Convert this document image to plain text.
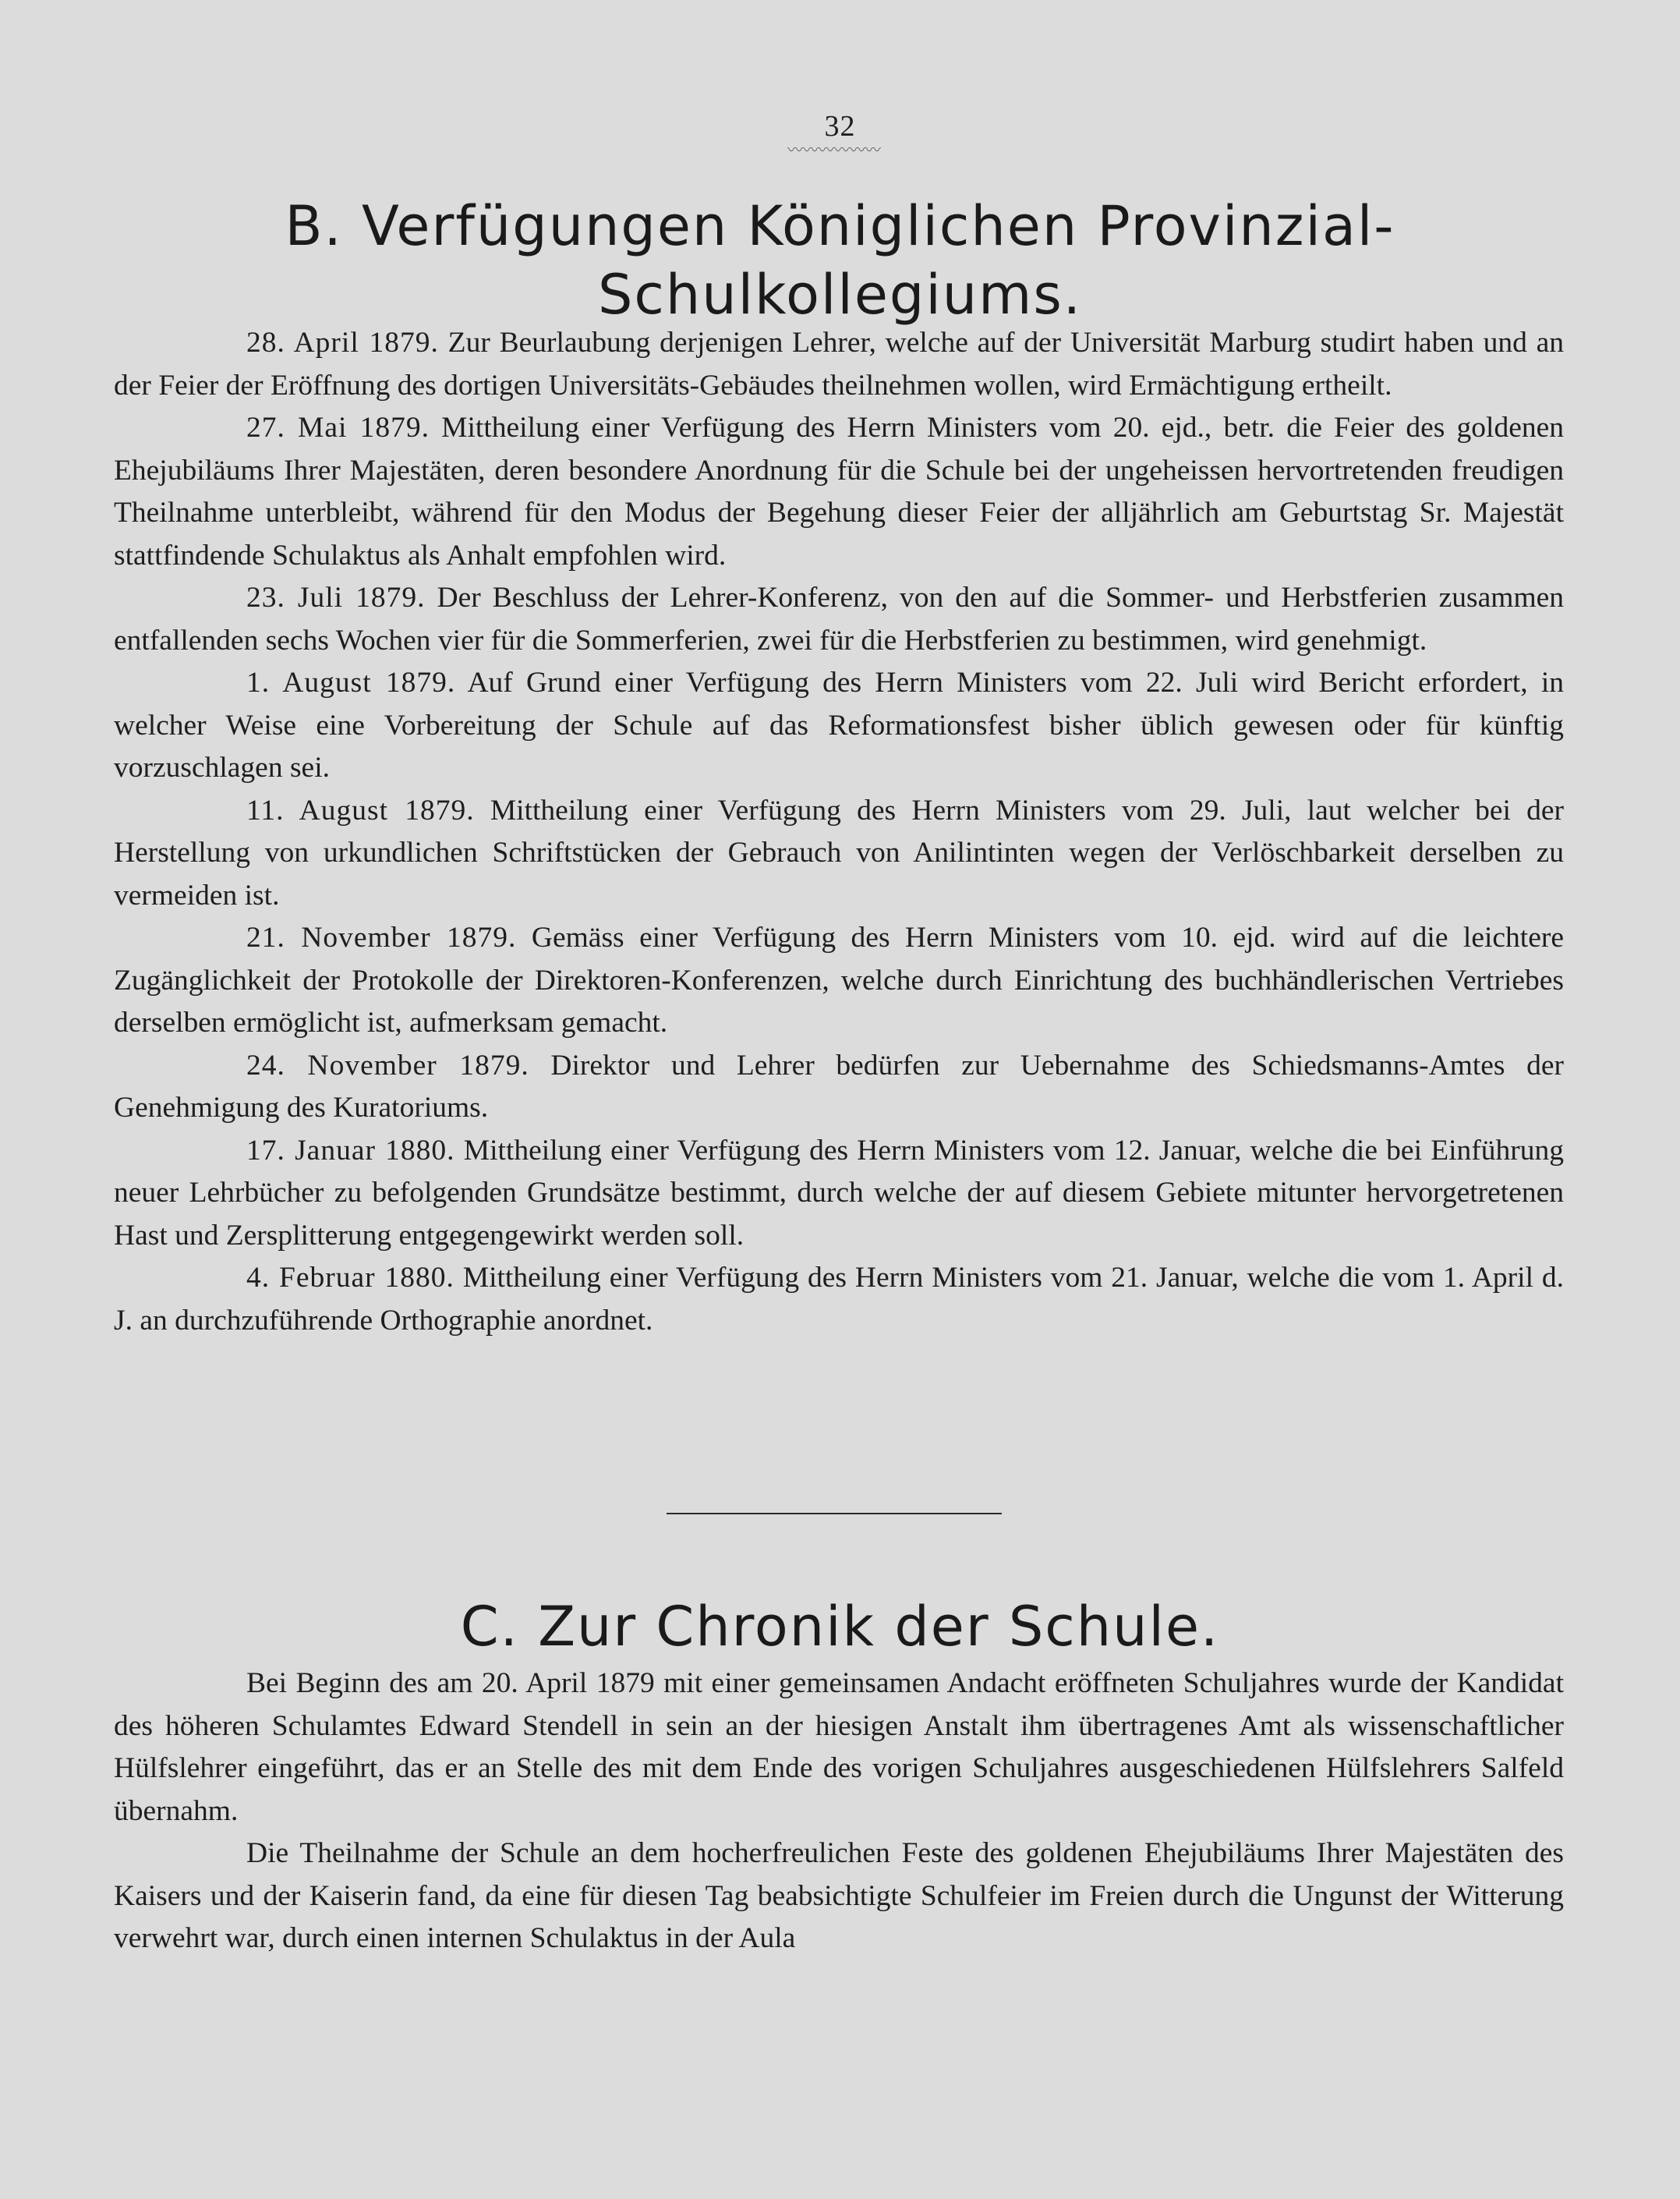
32
〰〰〰〰〰〰
B. Verfügungen Königlichen Provinzial-
Schulkollegiums.

28. April 1879. Zur Beurlaubung derjenigen Lehrer, welche auf der Universität Marburg studirt haben und an der Feier der Eröffnung des dortigen Universitäts-Gebäudes theilnehmen wollen, wird Ermächtigung ertheilt.

27. Mai 1879. Mittheilung einer Verfügung des Herrn Ministers vom 20. ejd., betr. die Feier des goldenen Ehejubiläums Ihrer Majestäten, deren besondere Anordnung für die Schule bei der ungeheissen hervortretenden freudigen Theilnahme unterbleibt, während für den Modus der Begehung dieser Feier der alljährlich am Geburtstag Sr. Majestät stattfindende Schulaktus als Anhalt empfohlen wird.

23. Juli 1879. Der Beschluss der Lehrer-Konferenz, von den auf die Sommer- und Herbstferien zusammen entfallenden sechs Wochen vier für die Sommerferien, zwei für die Herbstferien zu bestimmen, wird genehmigt.

1. August 1879. Auf Grund einer Verfügung des Herrn Ministers vom 22. Juli wird Bericht erfordert, in welcher Weise eine Vorbereitung der Schule auf das Reformationsfest bisher üblich gewesen oder für künftig vorzuschlagen sei.

11. August 1879. Mittheilung einer Verfügung des Herrn Ministers vom 29. Juli, laut welcher bei der Herstellung von urkundlichen Schriftstücken der Gebrauch von Anilintinten wegen der Verlöschbarkeit derselben zu vermeiden ist.

21. November 1879. Gemäss einer Verfügung des Herrn Ministers vom 10. ejd. wird auf die leichtere Zugänglichkeit der Protokolle der Direktoren-Konferenzen, welche durch Einrichtung des buchhändlerischen Vertriebes derselben ermöglicht ist, aufmerksam gemacht.

24. November 1879. Direktor und Lehrer bedürfen zur Uebernahme des Schiedsmanns-Amtes der Genehmigung des Kuratoriums.

17. Januar 1880. Mittheilung einer Verfügung des Herrn Ministers vom 12. Januar, welche die bei Einführung neuer Lehrbücher zu befolgenden Grundsätze bestimmt, durch welche der auf diesem Gebiete mitunter hervorgetretenen Hast und Zersplitterung entgegengewirkt werden soll.

4. Februar 1880. Mittheilung einer Verfügung des Herrn Ministers vom 21. Januar, welche die vom 1. April d. J. an durchzuführende Orthographie anordnet.

C. Zur Chronik der Schule.

Bei Beginn des am 20. April 1879 mit einer gemeinsamen Andacht eröffneten Schuljahres wurde der Kandidat des höheren Schulamtes Edward Stendell in sein an der hiesigen Anstalt ihm übertragenes Amt als wissenschaftlicher Hülfslehrer eingeführt, das er an Stelle des mit dem Ende des vorigen Schuljahres ausgeschiedenen Hülfslehrers Salfeld übernahm.

Die Theilnahme der Schule an dem hocherfreulichen Feste des goldenen Ehejubiläums Ihrer Majestäten des Kaisers und der Kaiserin fand, da eine für diesen Tag beabsichtigte Schulfeier im Freien durch die Ungunst der Witterung verwehrt war, durch einen internen Schulaktus in der Aula
